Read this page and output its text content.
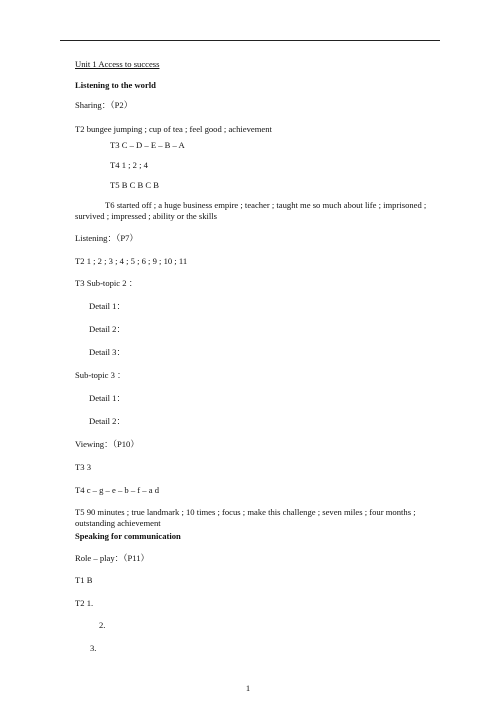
Unit 1 Access to success
Listening to the world
Sharing：（P2）
T2 bungee jumping ; cup of tea ; feel good ; achievement
T3 C – D – E – B – A
T4 1 ; 2 ; 4
T5 B C B C B
T6 started off ; a huge business empire ; teacher ; taught me so much about life ; imprisoned ; survived ; impressed ; ability or the skills
Listening：（P7）
T2 1 ; 2 ; 3 ; 4 ; 5 ; 6 ; 9 ; 10 ; 11
T3 Sub-topic 2 ：
Detail 1：
Detail 2：
Detail 3：
Sub-topic 3 ：
Detail 1：
Detail 2：
Viewing：（P10）
T3 3
T4 c – g – e – b – f – a d
T5 90 minutes ; true landmark ; 10 times ; focus ; make this challenge ; seven miles ; four months ; outstanding achievement
Speaking for communication
Role – play：（P11）
T1 B
T2 1.
2.
3.
1
